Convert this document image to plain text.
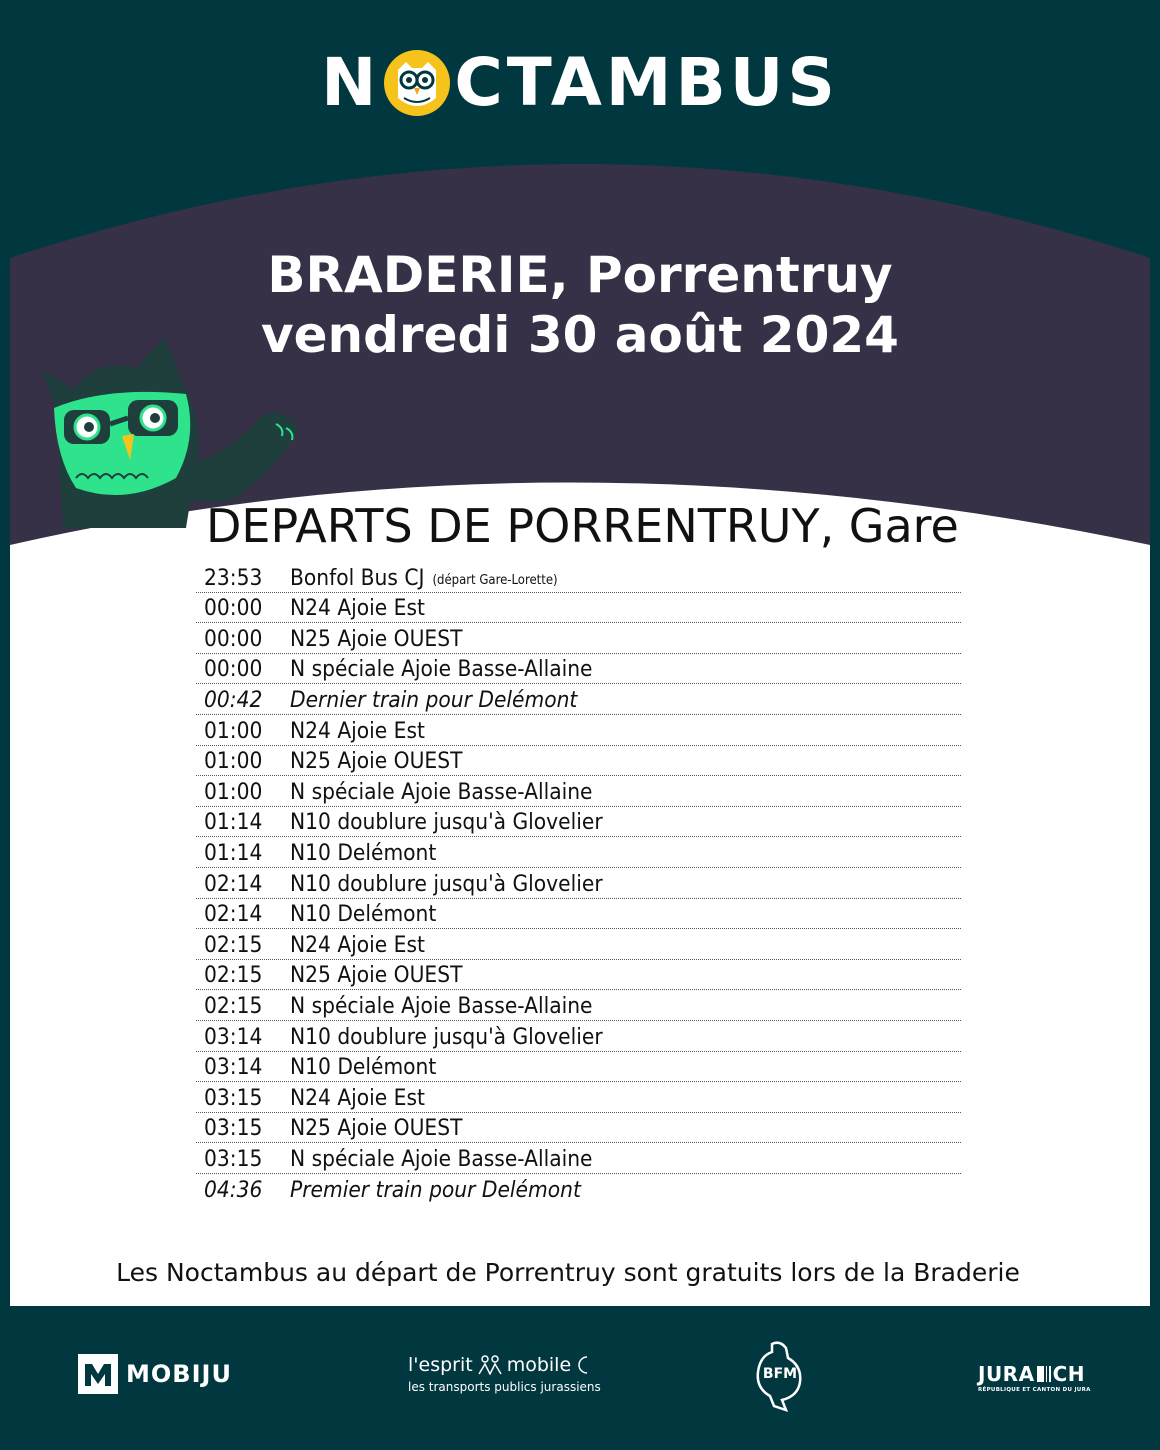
N CTAMBUS
BRADERIE, Porrentruy
vendredi 30 août 2024
DEPARTS DE PORRENTRUY, Gare
23:53	Bonfol Bus CJ (départ Gare-Lorette)
00:00	N24 Ajoie Est
00:00	N25 Ajoie OUEST
00:00	N spéciale Ajoie Basse-Allaine
00:42	Dernier train pour Delémont
01:00	N24 Ajoie Est
01:00	N25 Ajoie OUEST
01:00	N spéciale Ajoie Basse-Allaine
01:14	N10 doublure jusqu'à Glovelier
01:14	N10 Delémont
02:14	N10 doublure jusqu'à Glovelier
02:14	N10 Delémont
02:15	N24 Ajoie Est
02:15	N25 Ajoie OUEST
02:15	N spéciale Ajoie Basse-Allaine
03:14	N10 doublure jusqu'à Glovelier
03:14	N10 Delémont
03:15	N24 Ajoie Est
03:15	N25 Ajoie OUEST
03:15	N spéciale Ajoie Basse-Allaine
04:36	Premier train pour Delémont
Les Noctambus au départ de Porrentruy sont gratuits lors de la Braderie
MOBIJU	l'esprit mobile
les transports publics jurassiens
BFM	JURA CH
RÉPUBLIQUE ET CANTON DU JURA
